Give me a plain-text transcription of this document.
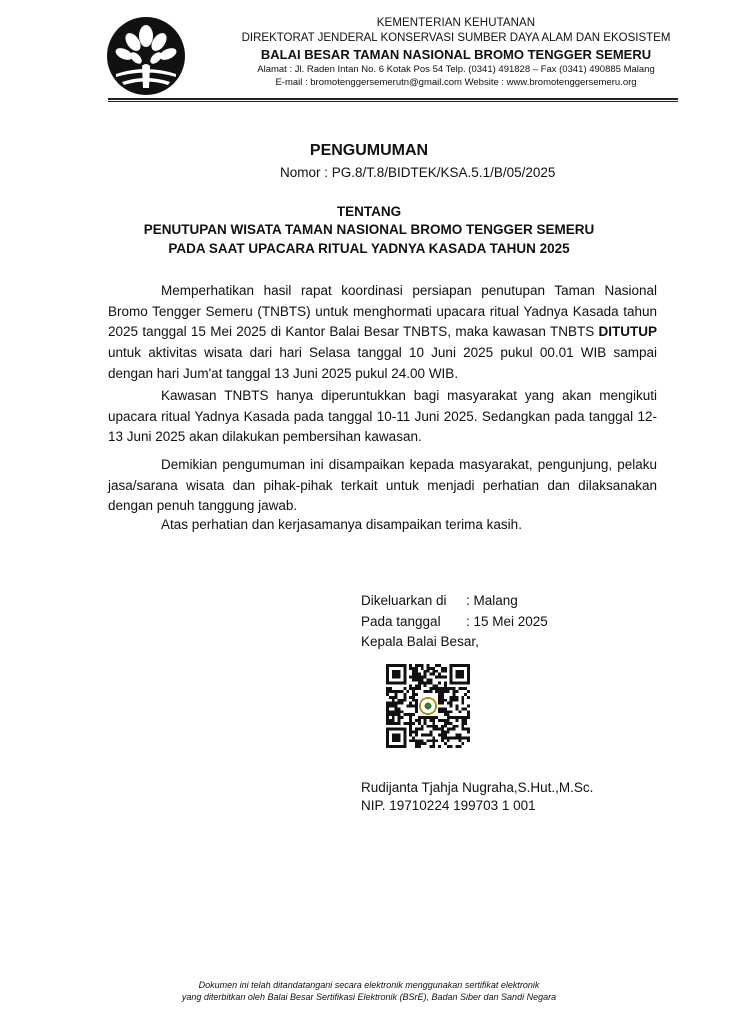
KEMENTERIAN KEHUTANAN
DIREKTORAT JENDERAL KONSERVASI SUMBER DAYA ALAM DAN EKOSISTEM
BALAI BESAR TAMAN NASIONAL BROMO TENGGER SEMERU
Alamat : Jl. Raden Intan No. 6 Kotak Pos 54 Telp. (0341) 491828 – Fax (0341) 490885 Malang
E-mail : bromotenggersemerutn@gmail.com Website : www.bromotenggersemeru.org
PENGUMUMAN
Nomor : PG.8/T.8/BIDTEK/KSA.5.1/B/05/2025
TENTANG
PENUTUPAN WISATA TAMAN NASIONAL BROMO TENGGER SEMERU
PADA SAAT UPACARA RITUAL YADNYA KASADA TAHUN 2025

Memperhatikan hasil rapat koordinasi persiapan penutupan Taman Nasional Bromo Tengger Semeru (TNBTS) untuk menghormati upacara ritual Yadnya Kasada tahun 2025 tanggal 15 Mei 2025 di Kantor Balai Besar TNBTS, maka kawasan TNBTS DITUTUP untuk aktivitas wisata dari hari Selasa tanggal 10 Juni 2025 pukul 00.01 WIB sampai dengan hari Jum'at tanggal 13 Juni 2025 pukul 24.00 WIB.

Kawasan TNBTS hanya diperuntukkan bagi masyarakat yang akan mengikuti upacara ritual Yadnya Kasada pada tanggal 10-11 Juni 2025. Sedangkan pada tanggal 12-13 Juni 2025 akan dilakukan pembersihan kawasan.

Demikian pengumuman ini disampaikan kepada masyarakat, pengunjung, pelaku jasa/sarana wisata dan pihak-pihak terkait untuk menjadi perhatian dan dilaksanakan dengan penuh tanggung jawab.

Atas perhatian dan kerjasamanya disampaikan terima kasih.

Dikeluarkan di	: Malang
Pada tanggal	: 15 Mei 2025
Kepala Balai Besar,
Rudijanta Tjahja Nugraha,S.Hut.,M.Sc.
NIP. 19710224 199703 1 001
Dokumen ini telah ditandatangani secara elektronik menggunakan sertifikat elektronik
yang diterbitkan oleh Balai Besar Sertifikasi Elektronik (BSrE), Badan Siber dan Sandi Negara
